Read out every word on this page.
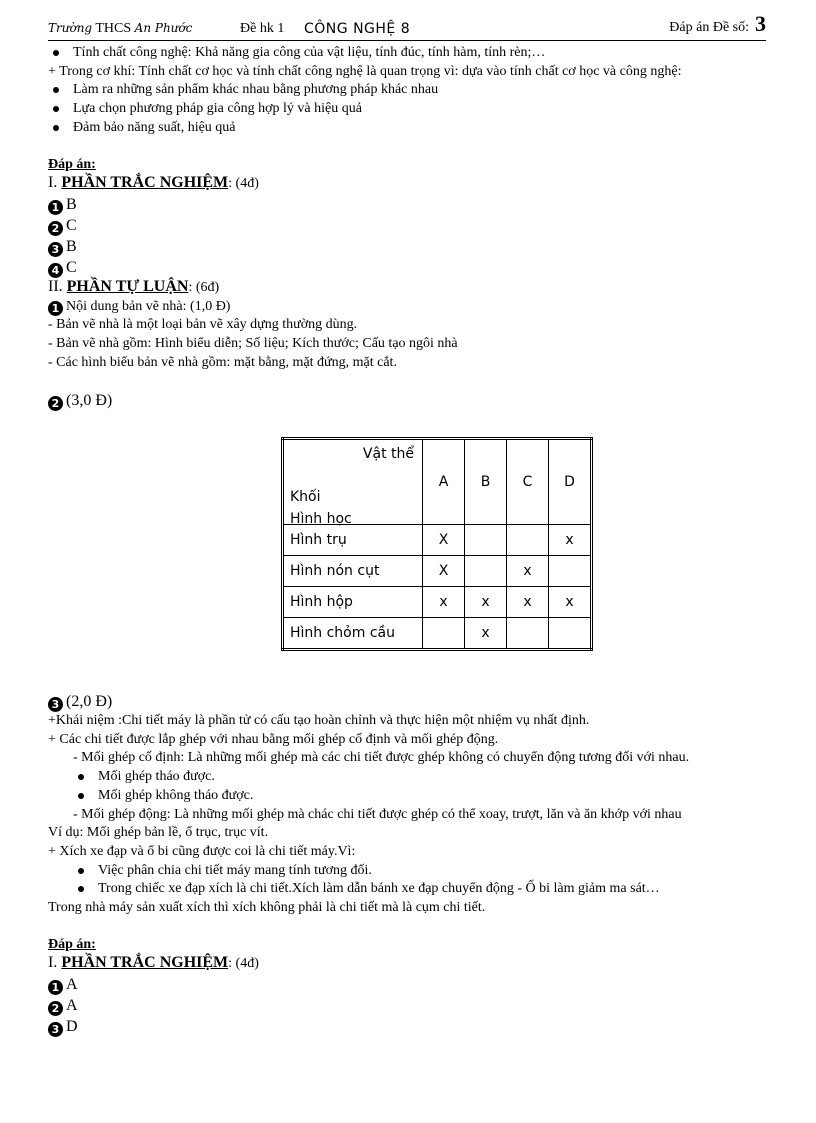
Trường THCS An Phước	Đề hk 1 CÔNG NGHỆ 8	Đáp án Đề số: 3

Tính chất công nghệ: Khả năng gia công của vật liệu, tính đúc, tính hàm, tính rèn;…

+ Trong cơ khí: Tính chất cơ học và tính chất công nghệ là quan trọng vì: dựa vào tính chất cơ học và công nghệ:

Làm ra những sản phẩm khác nhau bằng phương pháp khác nhau

Lựa chọn phương pháp gia công hợp lý và hiệu quả

Đảm bảo năng suất, hiệu quả

Đáp án:

I. PHẦN TRẮC NGHIỆM: (4đ)

1 B

2 C

3 B

4 C

II. PHẦN TỰ LUẬN: (6đ)

1 Nội dung bản vẽ nhà: (1,0 Đ)

- Bản vẽ nhà là một loại bản vẽ xây dựng thường dùng.

- Bản vẽ nhà gồm: Hình biểu diễn; Số liệu; Kích thước; Cấu tạo ngôi nhà

- Các hình biểu bản vẽ nhà gồm: mặt bằng, mặt đứng, mặt cắt.

2 (3,0 Đ)

Vật thể
Khối
Hình học	A	B	C	D
Hình trụ	X			x
Hình nón cụt	X		x	
Hình hộp	x	x	x	x
Hình chỏm cầu		x		

3 (2,0 Đ)

+Khái niệm :Chi tiết máy là phần tử có cấu tạo hoàn chỉnh và thực hiện một nhiệm vụ nhất định.

+ Các chi tiết được lắp ghép với nhau bằng mối ghép cố định và mối ghép động.

- Mối ghép cố định: Là những mối ghép mà các chi tiết được ghép không có chuyển động tương đối với nhau.

Mối ghép tháo được.

Mối ghép không tháo được.

- Mối ghép động: Là những mối ghép mà chác chi tiết được ghép có thể xoay, trượt, lăn và ăn khớp với nhau

Ví dụ: Mối ghép bản lề, ổ trục, trục vít.

+ Xích xe đạp và ổ bi cũng được coi là chi tiết máy.Vì:

Việc phân chia chi tiết máy mang tính tương đối.

Trong chiếc xe đạp xích là chi tiết.Xích làm dẫn bánh xe đạp chuyển động - Ổ bi làm giảm ma sát…

Trong nhà máy sản xuất xích thì xích không phải là chi tiết mà là cụm chi tiết.

Đáp án:

I. PHẦN TRẮC NGHIỆM: (4đ)

1 A

2 A

3 D
